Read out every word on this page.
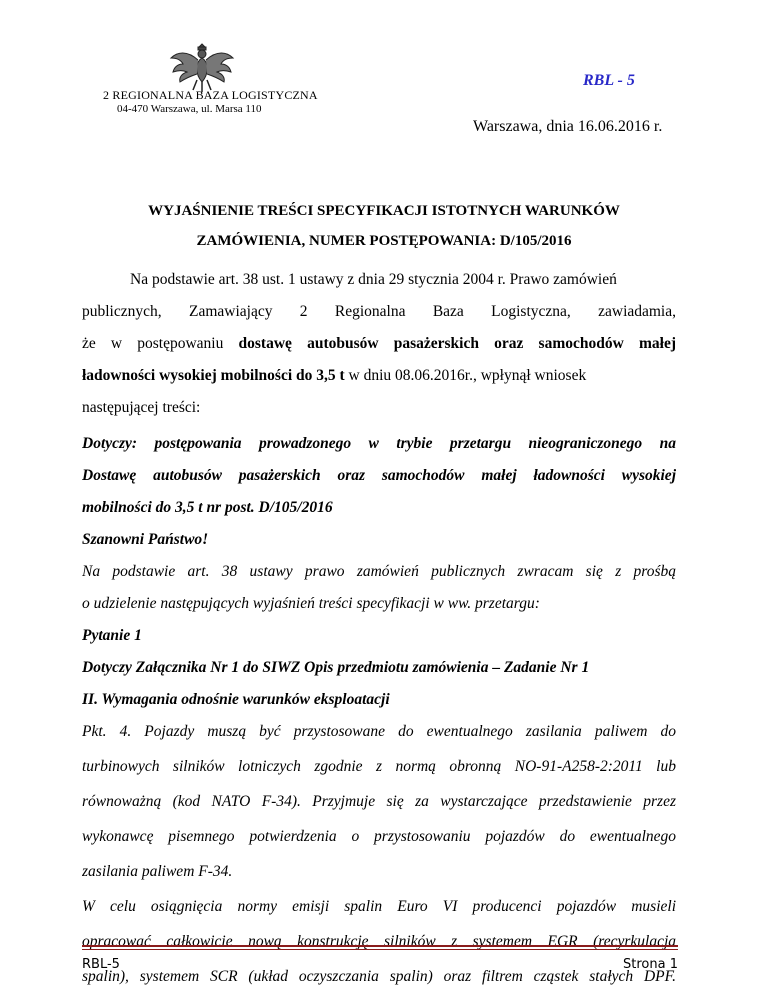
2 REGIONALNA BAZA LOGISTYCZNA
04-470 Warszawa, ul. Marsa 110
RBL - 5
Warszawa, dnia 16.06.2016 r.
WYJAŚNIENIE TREŚCI SPECYFIKACJI ISTOTNYCH WARUNKÓW
ZAMÓWIENIA, NUMER POSTĘPOWANIA: D/105/2016
Na podstawie art. 38 ust. 1 ustawy z dnia 29 stycznia 2004 r. Prawo zamówień
publicznych, Zamawiający 2 Regionalna Baza Logistyczna, zawiadamia,
że w postępowaniu dostawę autobusów pasażerskich oraz samochodów małej
ładowności wysokiej mobilności do 3,5 t w dniu 08.06.2016r., wpłynął wniosek
następującej treści:
Dotyczy: postępowania prowadzonego w trybie przetargu nieograniczonego na
Dostawę autobusów pasażerskich oraz samochodów małej ładowności wysokiej
mobilności do 3,5 t nr post. D/105/2016
Szanowni Państwo!
Na podstawie art. 38 ustawy prawo zamówień publicznych zwracam się z prośbą
o udzielenie następujących wyjaśnień treści specyfikacji w ww. przetargu:
Pytanie 1
Dotyczy Załącznika Nr 1 do SIWZ Opis przedmiotu zamówienia – Zadanie Nr 1
II. Wymagania odnośnie warunków eksploatacji
Pkt. 4. Pojazdy muszą być przystosowane do ewentualnego zasilania paliwem do
turbinowych silników lotniczych zgodnie z normą obronną NO-91-A258-2:2011 lub
równoważną (kod NATO F-34). Przyjmuje się za wystarczające przedstawienie przez
wykonawcę pisemnego potwierdzenia o przystosowaniu pojazdów do ewentualnego
zasilania paliwem F-34.
W celu osiągnięcia normy emisji spalin Euro VI producenci pojazdów musieli
opracować całkowicie nową konstrukcję silników z systemem EGR (recyrkulacja
spalin), systemem SCR (układ oczyszczania spalin) oraz filtrem cząstek stałych DPF.
RBL-5	Strona 1
